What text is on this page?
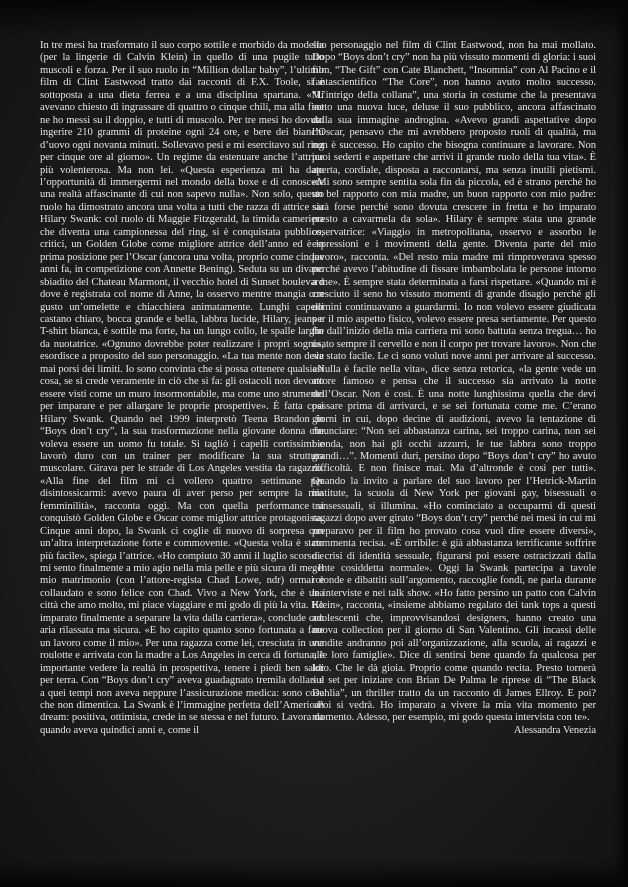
In tre mesi ha trasformato il suo corpo sottile e morbido da modella (per la lingerie di Calvin Klein) in quello di una pugile tutto muscoli e forza. Per il suo ruolo in “Million dollar baby”, l’ultimo film di Clint Eastwood tratto dai racconti di F.X. Toole, si è sottoposta a una dieta ferrea e a una disciplina spartana. «Mi avevano chiesto di ingrassare di quattro o cinque chili, ma alla fine ne ho messi su il doppio, e tutti di muscolo. Per tre mesi ho dovuto ingerire 210 grammi di proteine ogni 24 ore, e bere dei bianchi d’uovo ogni novanta minuti. Sollevavo pesi e mi esercitavo sul ring per cinque ore al giorno». Un regime da estenuare anche l’attrice più volenterosa. Ma non lei. «Questa esperienza mi ha dato l’opportunità di immergermi nel mondo della boxe e di conoscere una realtà affascinante di cui non sapevo nulla». Non solo, questo ruolo ha dimostrato ancora una volta a tutti che razza di attrice sia Hilary Swank: col ruolo di Maggie Fitzgerald, la timida cameriera che diventa una campionessa del ring, si è conquistata pubblico, critici, un Golden Globe come migliore attrice dell’anno ed è in prima posizione per l’Oscar (ancora una volta, proprio come cinque anni fa, in competizione con Annette Bening). Seduta su un divano sbiadito del Chateau Marmont, il vecchio hotel di Sunset boulevard dove è registrata col nome di Anne, la osservo mentre mangia con gusto un’omelette e chiacchiera animatamente. Lunghi capelli castano chiaro, bocca grande e bella, labbra lucide, Hilary, jeans e T-shirt bianca, è sottile ma forte, ha un lungo collo, le spalle larghe da nuotatrice. «Ognuno dovrebbe poter realizzare i propri sogni», esordisce a proposito del suo personaggio. «La tua mente non deve mai porsi dei limiti. Io sono convinta che si possa ottenere qualsiasi cosa, se si crede veramente in ciò che si fa: gli ostacoli non devono essere visti come un muro insormontabile, ma come uno strumento per imparare e per allargare le proprie prospettive». È fatta così Hilary Swank. Quando nel 1999 interpretò Teena Brandon in “Boys don’t cry”, la sua trasformazione nella giovane donna che voleva essere un uomo fu totale. Si tagliò i capelli cortissimi e lavorò duro con un trainer per modificare la sua struttura muscolare. Girava per le strade di Los Angeles vestita da ragazzo. «Alla fine del film mi ci vollero quattro settimane per disintossicarmi: avevo paura di aver perso per sempre la mia femminilità», racconta oggi. Ma con quella performance si conquistò Golden Globe e Oscar come miglior attrice protagonista. Cinque anni dopo, la Swank ci coglie di nuovo di sorpresa con un’altra interpretazione forte e commovente. «Questa volta è stato più facile», spiega l’attrice. «Ho compiuto 30 anni il luglio scorso e mi sento finalmente a mio agio nella mia pelle e più sicura di me. Il mio matrimonio (con l’attore-regista Chad Lowe, ndr) ormai è collaudato e sono felice con Chad. Vivo a New York, che è una città che amo molto, mi piace viaggiare e mi godo di più la vita. Ho imparato finalmente a separare la vita dalla carriera», conclude con aria rilassata ma sicura. «E ho capito quanto sono fortunata a fare un lavoro come il mio». Per una ragazza come lei, cresciuta in una roulotte e arrivata con la madre a Los Angeles in cerca di fortuna, è importante vedere la realtà in prospettiva, tenere i piedi ben saldi per terra. Con “Boys don’t cry” aveva guadagnato tremila dollari e a quei tempi non aveva neppure l’assicurazione medica: sono cose che non dimentica. La Swank è l’immagine perfetta dell’American dream: positiva, ottimista, crede in se stessa e nel futuro. Lavora da quando aveva quindici anni e, come il
suo personaggio nel film di Clint Eastwood, non ha mai mollato. Dopo “Boys don’t cry” non ha più vissuto momenti di gloria: i suoi film, “The Gift” con Cate Blanchett, “Insomnia” con Al Pacino e il fantascientifico “The Core”, non hanno avuto molto successo. “L’intrigo della collana”, una storia in costume che la presentava sotto una nuova luce, deluse il suo pubblico, ancora affascinato dalla sua immagine androgina. «Avevo grandi aspettative dopo l’Oscar, pensavo che mi avrebbero proposto ruoli di qualità, ma non è successo. Ho capito che bisogna continuare a lavorare. Non puoi sederti e aspettare che arrivi il grande ruolo della tua vita». È aperta, cordiale, disposta a raccontarsi, ma senza inutili pietismi. «Mi sono sempre sentita sola fin da piccola, ed è strano perché ho un bel rapporto con mia madre, un buon rapporto con mio padre: sarà forse perché sono dovuta crescere in fretta e ho imparato presto a cavarmela da sola». Hilary è sempre stata una grande osservatrice: «Viaggio in metropolitana, osservo e assorbo le espressioni e i movimenti della gente. Diventa parte del mio lavoro», racconta. «Del resto mia madre mi rimproverava spesso perché avevo l’abitudine di fissare imbambolata le persone intorno a me». È sempre stata determinata a farsi rispettare. «Quando mi è cresciuto il seno ho vissuto momenti di grande disagio perché gli uomini continuavano a guardarmi. Io non volevo essere giudicata per il mio aspetto fisico, volevo essere presa seriamente. Per questo fin dall’inizio della mia carriera mi sono battuta senza tregua… ho usato sempre il cervello e non il corpo per trovare lavoro». Non che sia stato facile. Le ci sono voluti nove anni per arrivare al successo. «Nulla è facile nella vita», dice senza retorica, «la gente vede un attore famoso e pensa che il successo sia arrivato la notte dell’Oscar. Non è così. È una notte lunghissima quella che devi passare prima di arrivarci, e se sei fortunata come me. C’erano giorni in cui, dopo decine di audizioni, avevo la tentazione di rinunciare: “Non sei abbastanza carina, sei troppo carina, non sei bionda, non hai gli occhi azzurri, le tue labbra sono troppo grandi…”. Momenti duri, persino dopo “Boys don’t cry” ho avuto difficoltà. E non finisce mai. Ma d’altronde è così per tutti». Quando la invito a parlare del suo lavoro per l’Hetrick-Martin institute, la scuola di New York per giovani gay, bisessuali o transessuali, si illumina. «Ho cominciato a occuparmi di questi ragazzi dopo aver girato “Boys don’t cry” perché nei mesi in cui mi preparavo per il film ho provato cosa vuol dire essere diversi», commenta recisa. «È orribile: è già abbastanza terrificante soffrire di crisi di identità sessuale, figurarsi poi essere ostracizzati dalla gente cosiddetta normale». Oggi la Swank partecipa a tavole rotonde e dibattiti sull’argomento, raccoglie fondi, ne parla durante le interviste e nei talk show. «Ho fatto persino un patto con Calvin Klein», racconta, «insieme abbiamo regalato dei tank tops a questi adolescenti che, improvvisandosi designers, hanno creato una nuova collection per il giorno di San Valentino. Gli incassi delle vendite andranno poi all’organizzazione, alla scuola, ai ragazzi e alle loro famiglie». Dice di sentirsi bene quando fa qualcosa per loro. Che le dà gioia. Proprio come quando recita. Presto tornerà sul set per iniziare con Brian De Palma le riprese di “The Black Dahlia”, un thriller tratto da un racconto di James Ellroy. E poi? «Poi si vedrà. Ho imparato a vivere la mia vita momento per momento. Adesso, per esempio, mi godo questa intervista con te».
Alessandra Venezia
